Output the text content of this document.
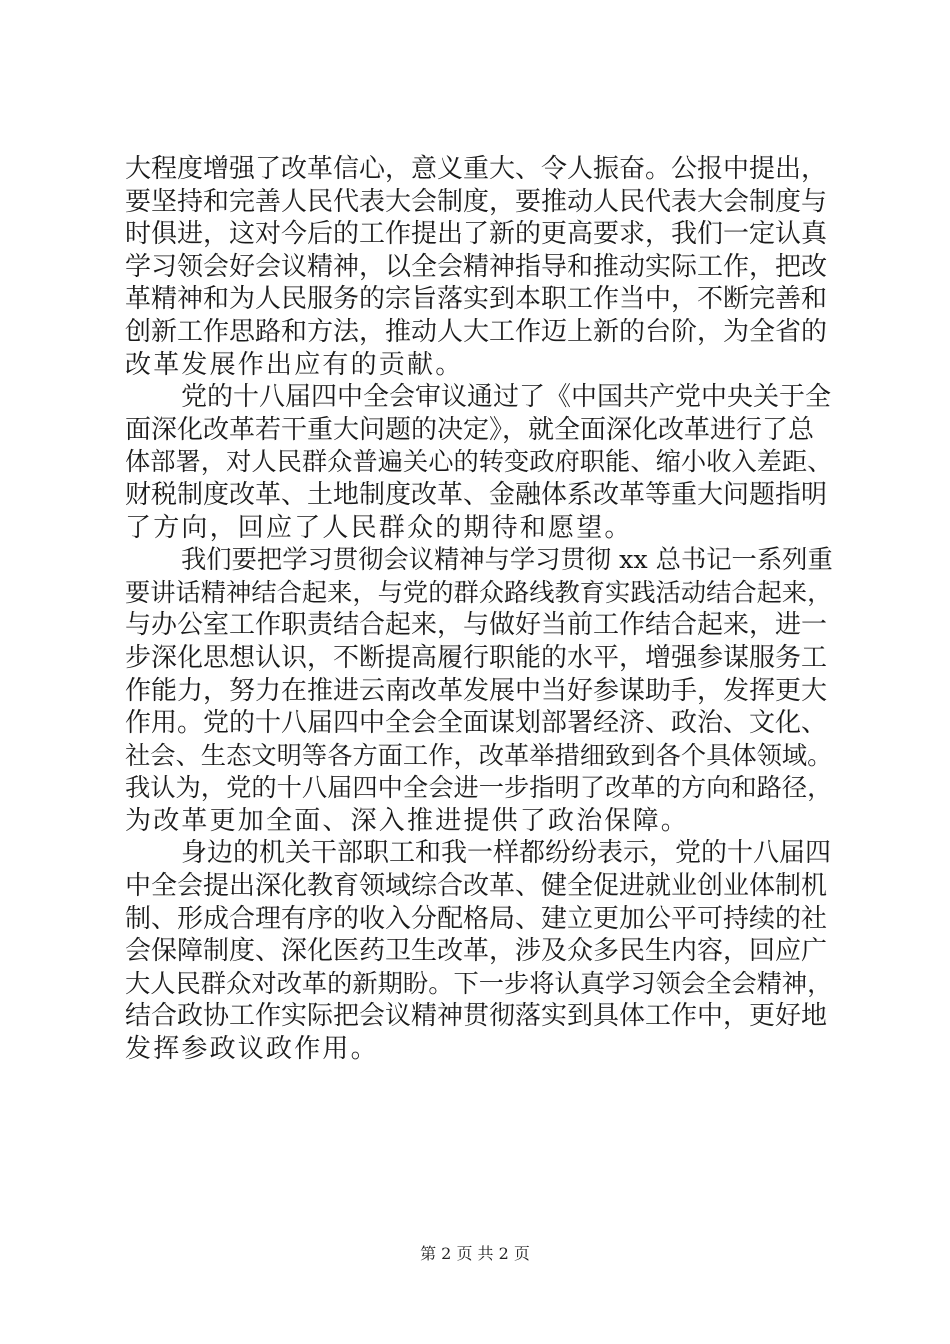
大程度增强了改革信心，意义重大、令人振奋。公报中提出，
要坚持和完善人民代表大会制度，要推动人民代表大会制度与
时俱进，这对今后的工作提出了新的更高要求，我们一定认真
学习领会好会议精神，以全会精神指导和推动实际工作，把改
革精神和为人民服务的宗旨落实到本职工作当中，不断完善和
创新工作思路和方法，推动人大工作迈上新的台阶，为全省的
改革发展作出应有的贡献。
党的十八届四中全会审议通过了《中国共产党中央关于全
面深化改革若干重大问题的决定》，就全面深化改革进行了总
体部署，对人民群众普遍关心的转变政府职能、缩小收入差距、
财税制度改革、土地制度改革、金融体系改革等重大问题指明
了方向，回应了人民群众的期待和愿望。
我们要把学习贯彻会议精神与学习贯彻 xx 总书记一系列重
要讲话精神结合起来，与党的群众路线教育实践活动结合起来，
与办公室工作职责结合起来，与做好当前工作结合起来，进一
步深化思想认识，不断提高履行职能的水平，增强参谋服务工
作能力，努力在推进云南改革发展中当好参谋助手，发挥更大
作用。党的十八届四中全会全面谋划部署经济、政治、文化、
社会、生态文明等各方面工作，改革举措细致到各个具体领域。
我认为，党的十八届四中全会进一步指明了改革的方向和路径，
为改革更加全面、深入推进提供了政治保障。
身边的机关干部职工和我一样都纷纷表示，党的十八届四
中全会提出深化教育领域综合改革、健全促进就业创业体制机
制、形成合理有序的收入分配格局、建立更加公平可持续的社
会保障制度、深化医药卫生改革，涉及众多民生内容，回应广
大人民群众对改革的新期盼。下一步将认真学习领会全会精神，
结合政协工作实际把会议精神贯彻落实到具体工作中，更好地
发挥参政议政作用。
第 2 页 共 2 页
